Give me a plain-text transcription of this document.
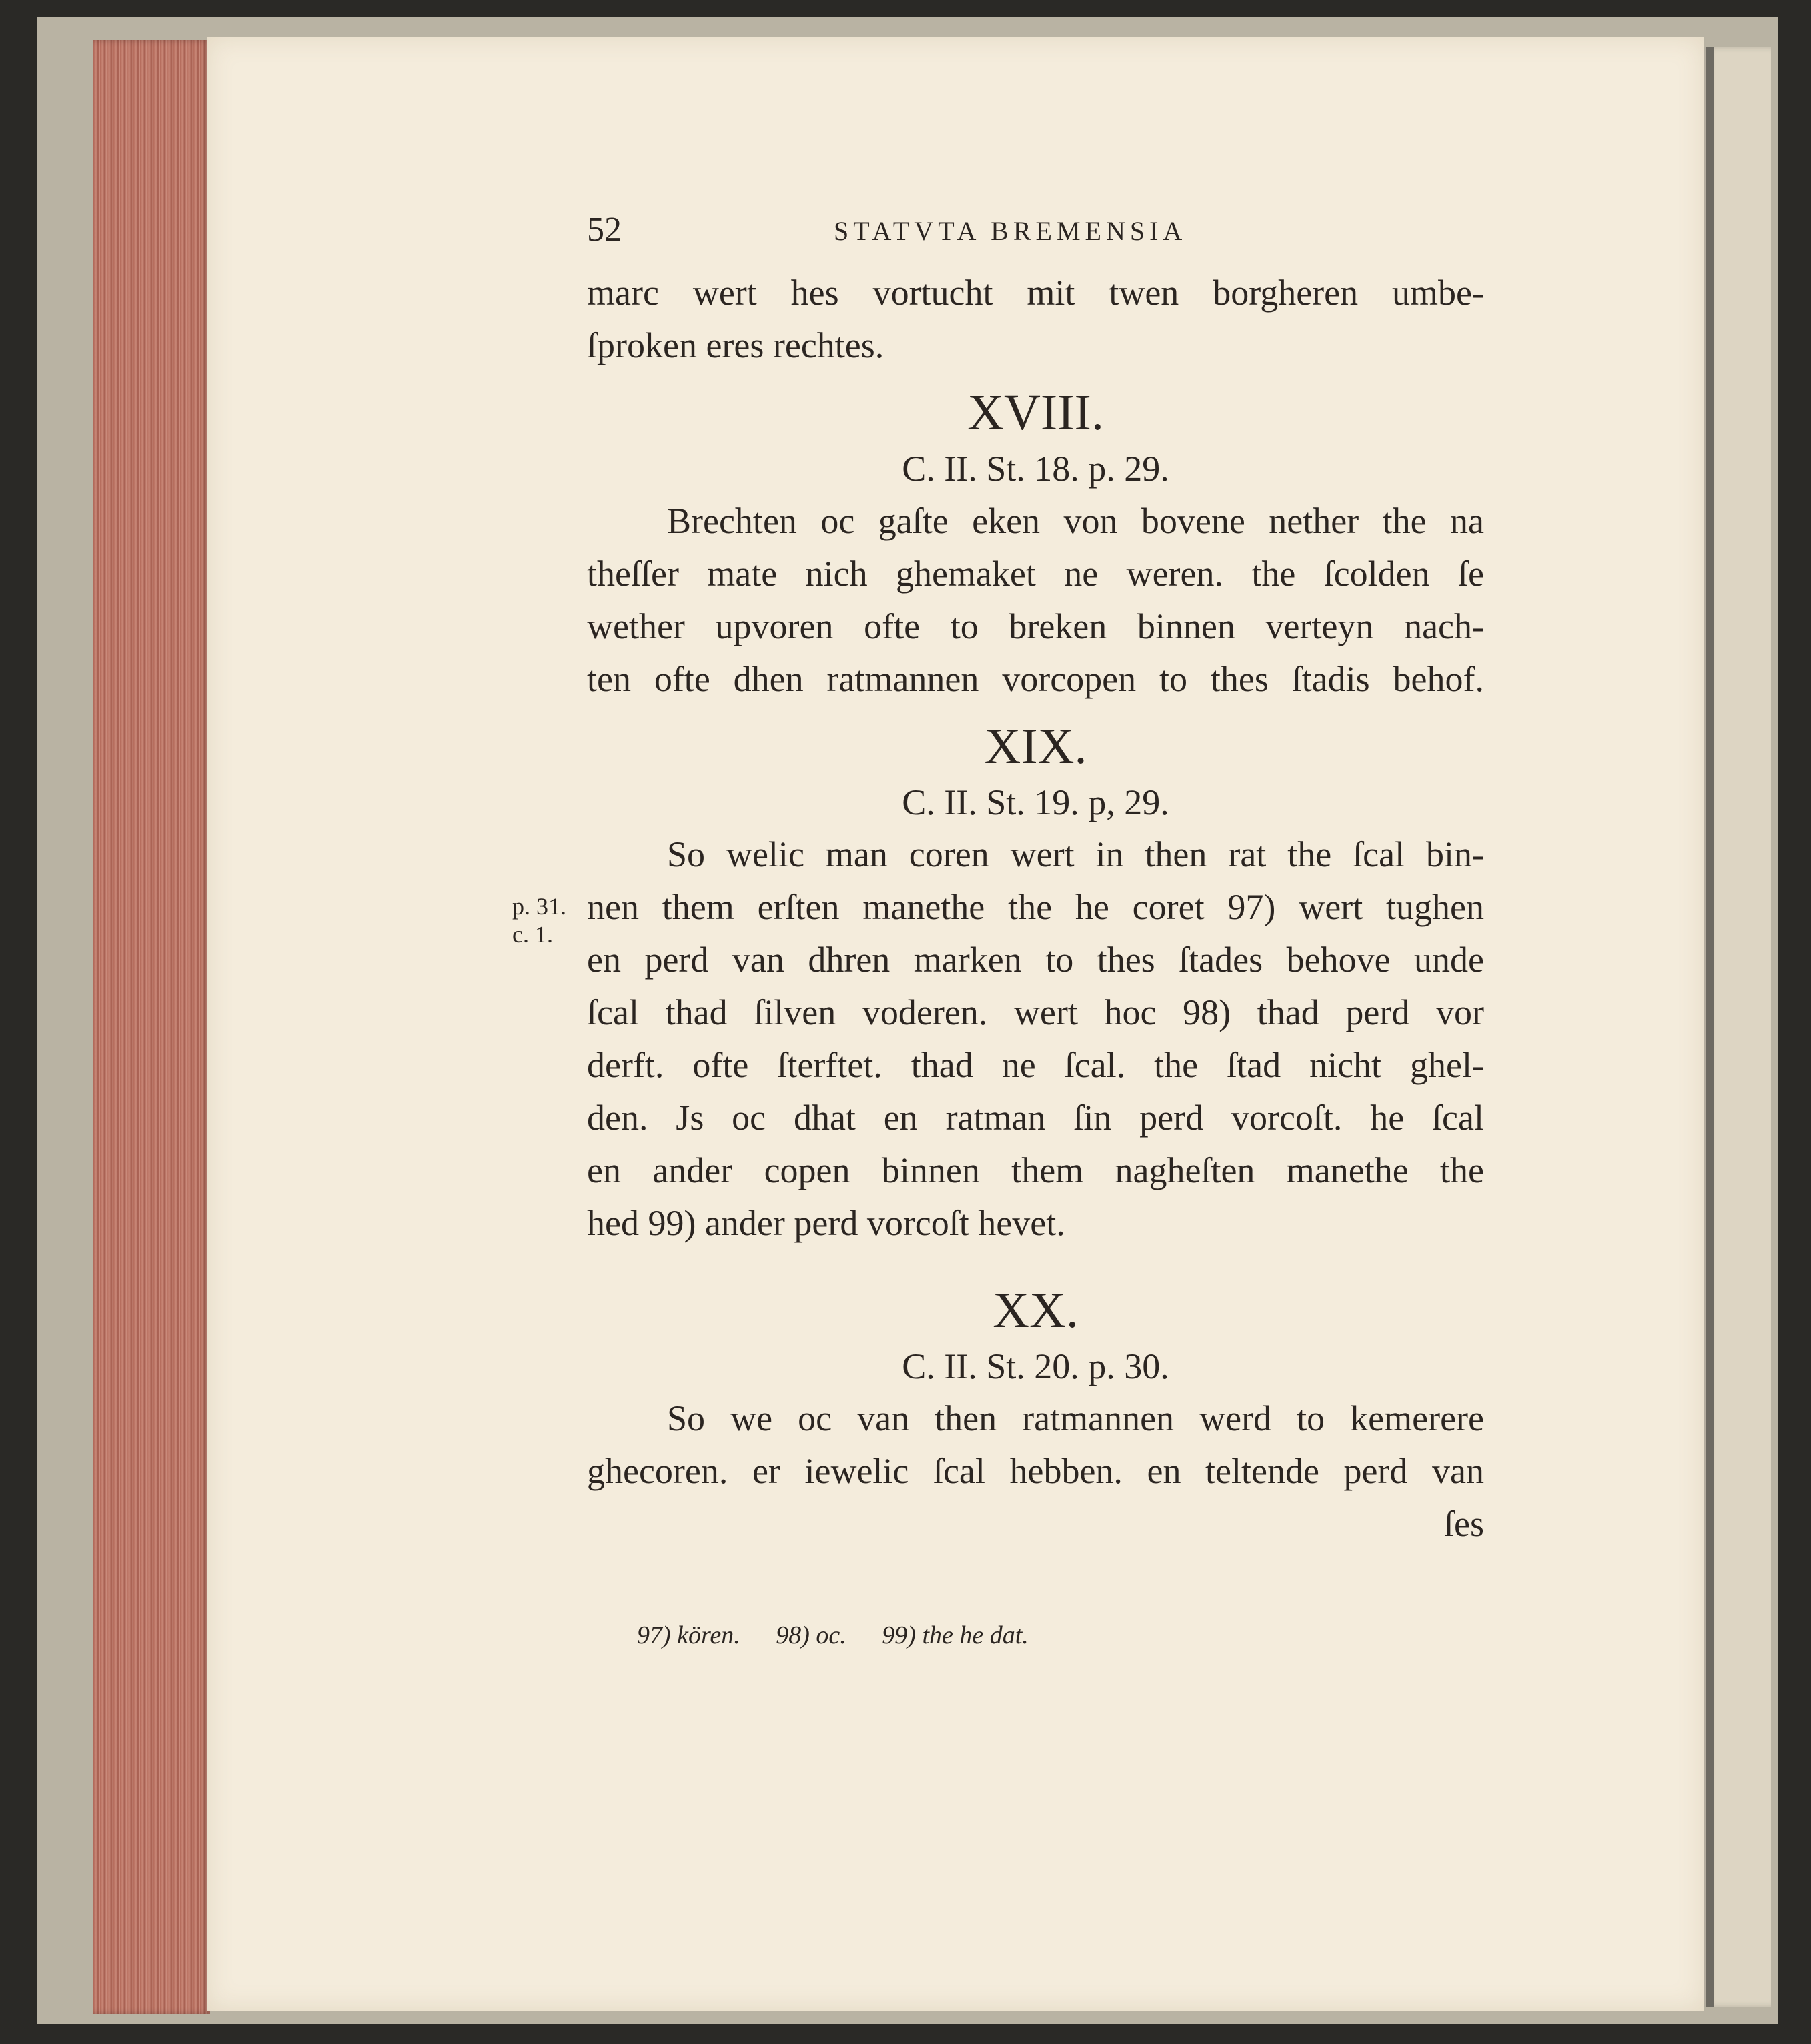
52	STATVTA BREMENSIA
marc wert hes vortucht mit twen borgheren umbe-
ſproken eres rechtes.
XVIII.
C. II. St. 18. p. 29.
Brechten oc gaſte eken von bovene nether the na
theſſer mate nich ghemaket ne weren. the ſcolden ſe
wether upvoren ofte to breken binnen verteyn nach-
ten ofte dhen ratmannen vorcopen to thes ſtadis behof.
XIX.
C. II. St. 19. p, 29.
So welic man coren wert in then rat the ſcal bin-
nen them erſten manethe the he coret 97) wert tughen
en perd van dhren marken to thes ſtades behove unde
ſcal thad ſilven voderen. wert hoc 98) thad perd vor
derft. ofte ſterftet. thad ne ſcal. the ſtad nicht ghel-
den. Js oc dhat en ratman ſin perd vorcoſt. he ſcal
en ander copen binnen them nagheſten manethe the
hed 99) ander perd vorcoſt hevet.
XX.
C. II. St. 20. p. 30.
So we oc van then ratmannen werd to kemerere
ghecoren. er iewelic ſcal hebben. en teltende perd van
ſes
p. 31.
c. 1.
97) kören. 98) oc. 99) the he dat.
